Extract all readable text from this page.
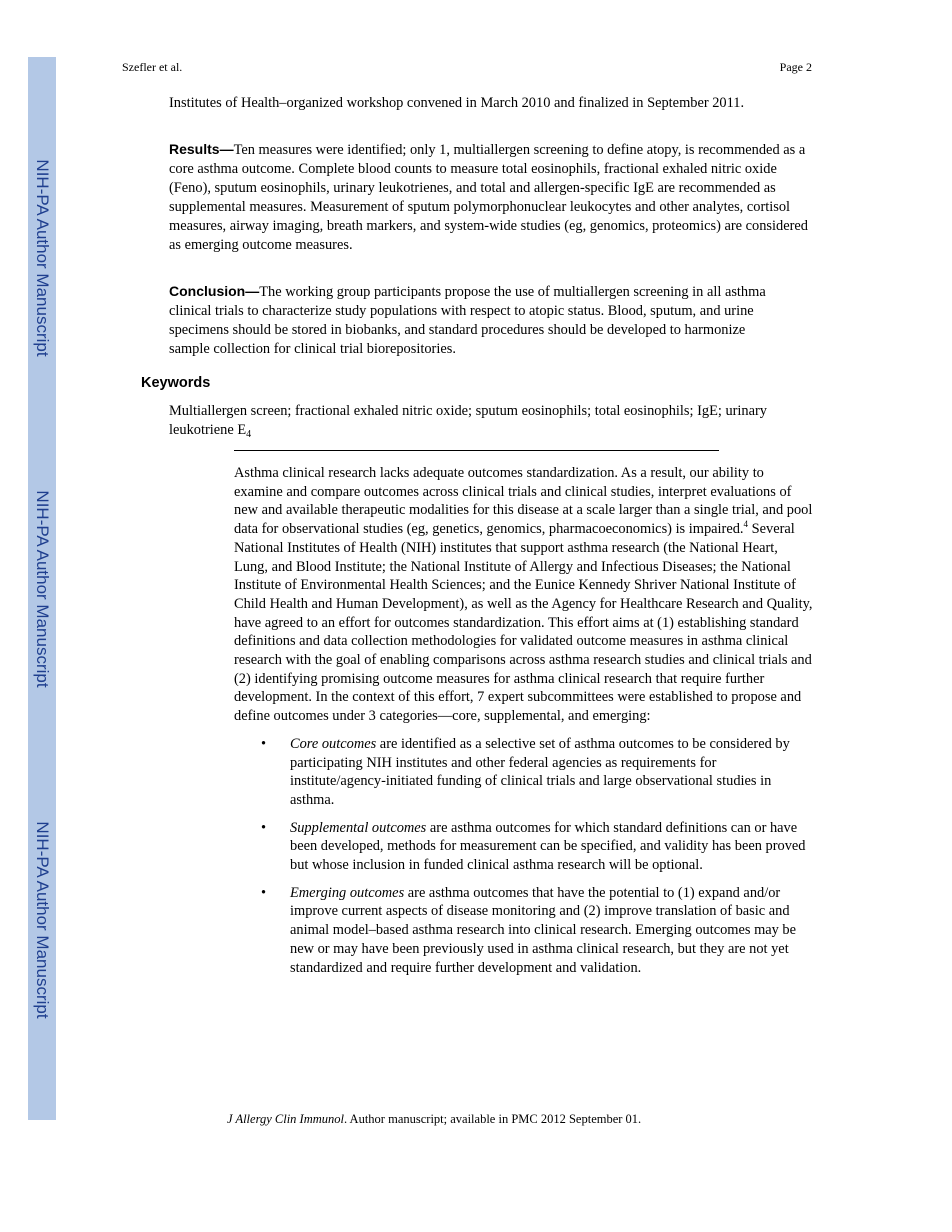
NIH-PA Author Manuscript
NIH-PA Author Manuscript
NIH-PA Author Manuscript
Szefler et al.	Page 2

Institutes of Health–organized workshop convened in March 2010 and finalized in September 2011.

Results—Ten measures were identified; only 1, multiallergen screening to define atopy, is recommended as a core asthma outcome. Complete blood counts to measure total eosinophils, fractional exhaled nitric oxide (Feno), sputum eosinophils, urinary leukotrienes, and total and allergen-specific IgE are recommended as supplemental measures. Measurement of sputum polymorphonuclear leukocytes and other analytes, cortisol measures, airway imaging, breath markers, and system-wide studies (eg, genomics, proteomics) are considered as emerging outcome measures.

Conclusion—The working group participants propose the use of multiallergen screening in all asthma clinical trials to characterize study populations with respect to atopic status. Blood, sputum, and urine specimens should be stored in biobanks, and standard procedures should be developed to harmonize sample collection for clinical trial biorepositories.

Keywords

Multiallergen screen; fractional exhaled nitric oxide; sputum eosinophils; total eosinophils; IgE; urinary leukotriene $E_4$

Asthma clinical research lacks adequate outcomes standardization. As a result, our ability to examine and compare outcomes across clinical trials and clinical studies, interpret evaluations of new and available therapeutic modalities for this disease at a scale larger than a single trial, and pool data for observational studies (eg, genetics, genomics, pharmacoeconomics) is impaired.$^4$ Several National Institutes of Health (NIH) institutes that support asthma research (the National Heart, Lung, and Blood Institute; the National Institute of Allergy and Infectious Diseases; the National Institute of Environmental Health Sciences; and the Eunice Kennedy Shriver National Institute of Child Health and Human Development), as well as the Agency for Healthcare Research and Quality, have agreed to an effort for outcomes standardization. This effort aims at (1) establishing standard definitions and data collection methodologies for validated outcome measures in asthma clinical research with the goal of enabling comparisons across asthma research studies and clinical trials and (2) identifying promising outcome measures for asthma clinical research that require further development. In the context of this effort, 7 expert subcommittees were established to propose and define outcomes under 3 categories—core, supplemental, and emerging:

• Core outcomes are identified as a selective set of asthma outcomes to be considered by participating NIH institutes and other federal agencies as requirements for institute/agency-initiated funding of clinical trials and large observational studies in asthma.
• Supplemental outcomes are asthma outcomes for which standard definitions can or have been developed, methods for measurement can be specified, and validity has been proved but whose inclusion in funded clinical asthma research will be optional.
• Emerging outcomes are asthma outcomes that have the potential to (1) expand and/or improve current aspects of disease monitoring and (2) improve translation of basic and animal model–based asthma research into clinical research. Emerging outcomes may be new or may have been previously used in asthma clinical research, but they are not yet standardized and require further development and validation.
J Allergy Clin Immunol. Author manuscript; available in PMC 2012 September 01.
